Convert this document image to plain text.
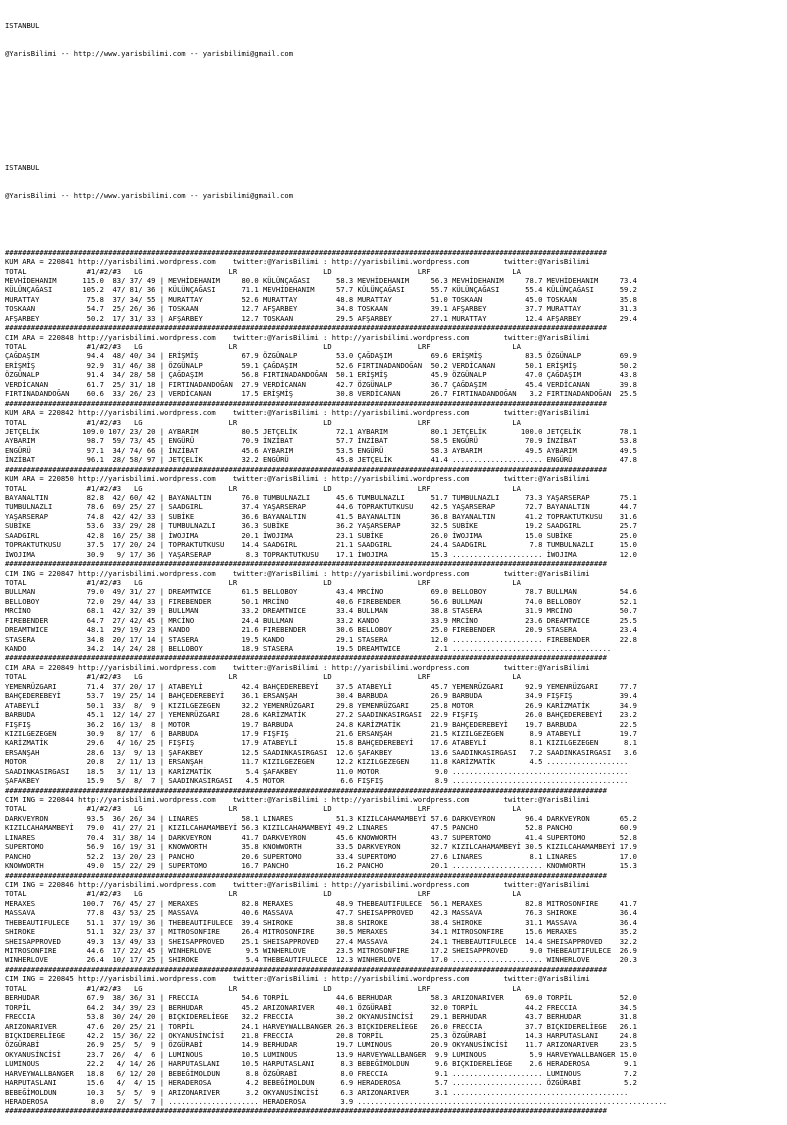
ISTANBUL

@YarisBilimi -- http://www.yarisbilimi.com -- yarisbilimi@gmail.com

ISTANBUL

@YarisBilimi -- http://www.yarisbilimi.com -- yarisbilimi@gmail.com

############################################################################################################################################
KUM ARA = 220841 http://yarisbilimi.wordpress.com    twitter:@YarisBilimi : http://yarisbilimi.wordpress.com        twitter:@YarisBilimi
TOTAL              #1/#2/#3   LG                    LR                    LD                    LRF                   LA
MEVHİDEHANIM      115.0  83/ 37/ 49 | MEVHİDEHANIM     80.0 KÜLÜNÇAĞASI      58.3 MEVHİDEHANIM     56.3 MEVHİDEHANIM     78.7 MEVHİDEHANIM     73.4
KÜLÜNÇAĞASI       105.2  47/ 81/ 36 | KÜLÜNÇAĞASI      71.1 MEVHİDEHANIM     57.7 KÜLÜNÇAĞASI      55.7 KÜLÜNÇAĞASI      55.4 KÜLÜNÇAĞASI      59.2
MURATTAY           75.8  37/ 34/ 55 | MURATTAY         52.6 MURATTAY         48.8 MURATTAY         51.0 TOSKAAN          45.0 TOSKAAN          35.8
TOSKAAN            54.7  25/ 26/ 36 | TOSKAAN          12.7 AFŞARBEY         34.8 TOSKAAN          39.1 AFŞARBEY         37.7 MURATTAY         31.3
AFŞARBEY           50.2  17/ 31/ 33 | AFŞARBEY         12.7 TOSKAAN          29.5 AFŞARBEY         27.1 MURATTAY         12.4 AFŞARBEY         29.4
############################################################################################################################################
CIM ARA = 220848 http://yarisbilimi.wordpress.com    twitter:@YarisBilimi : http://yarisbilimi.wordpress.com        twitter:@YarisBilimi
TOTAL              #1/#2/#3   LG                    LR                    LD                    LRF                   LA
ÇAĞDAŞIM           94.4  48/ 40/ 34 | ERİŞMİŞ          67.9 ÖZGÜNALP         53.0 ÇAĞDAŞIM         69.6 ERİŞMİŞ          83.5 ÖZGÜNALP         69.9
ERİŞMİŞ            92.9  31/ 46/ 38 | ÖZGÜNALP         59.1 ÇAĞDAŞIM         52.6 FIRTINADANDOĞAN  50.2 VERDİCANAN       50.1 ERİŞMİŞ          50.2
ÖZGÜNALP           91.4  34/ 28/ 58 | ÇAĞDAŞIM         56.8 FIRTINADANDOĞAN  50.1 ERİŞMİŞ          45.9 ÖZGÜNALP         47.0 ÇAĞDAŞIM         43.8
VERDİCANAN         61.7  25/ 31/ 18 | FIRTINADANDOĞAN  27.9 VERDİCANAN       42.7 ÖZGÜNALP         36.7 ÇAĞDAŞIM         45.4 VERDİCANAN       39.8
FIRTINADANDOĞAN    60.6  33/ 26/ 23 | VERDİCANAN       17.5 ERİŞMİŞ          30.8 VERDİCANAN       26.7 FIRTINADANDOĞAN   3.2 FIRTINADANDOĞAN  25.5
############################################################################################################################################
KUM ARA = 220842 http://yarisbilimi.wordpress.com    twitter:@YarisBilimi : http://yarisbilimi.wordpress.com        twitter:@YarisBilimi
TOTAL              #1/#2/#3   LG                    LR                    LD                    LRF                   LA
JETÇELİK          109.0 107/ 23/ 20 | AYBARIM          80.5 JETÇELİK         72.1 AYBARIM          80.1 JETÇELİK        100.0 JETÇELİK         78.1
AYBARIM            98.7  59/ 73/ 45 | ENGÜRÜ           70.9 İNZİBAT          57.7 İNZİBAT          58.5 ENGÜRÜ           70.9 İNZİBAT          53.8
ENGÜRÜ             97.1  34/ 74/ 66 | İNZİBAT          45.6 AYBARIM          53.5 ENGÜRÜ           58.3 AYBARIM          49.5 AYBARIM          49.5
İNZİBAT            96.1  28/ 58/ 97 | JETÇELİK         32.2 ENGÜRÜ           45.8 JETÇELİK         41.4 ..................... ENGÜRÜ           47.8
############################################################################################################################################
KUM ARA = 220850 http://yarisbilimi.wordpress.com    twitter:@YarisBilimi : http://yarisbilimi.wordpress.com        twitter:@YarisBilimi
TOTAL              #1/#2/#3   LG                    LR                    LD                    LRF                   LA
BAYANALTIN         82.8  42/ 60/ 42 | BAYANALTIN       76.0 TUMBULNAZLI      45.6 TUMBULNAZLI      51.7 TUMBULNAZLI      73.3 YAŞARSERAP       75.1
TUMBULNAZLI        78.6  69/ 25/ 27 | SAADGIRL         37.4 YAŞARSERAP       44.6 TOPRAKTUTKUSU    42.5 YAŞARSERAP       72.7 BAYANALTIN       44.7
YAŞARSERAP         74.8  42/ 42/ 33 | SUBİKE           36.6 BAYANALTIN       41.5 BAYANALTIN       36.8 BAYANALTIN       41.2 TOPRAKTUTKUSU    31.6
SUBİKE             53.6  33/ 29/ 28 | TUMBULNAZLI      36.3 SUBİKE           36.2 YAŞARSERAP       32.5 SUBİKE           19.2 SAADGIRL         25.7
SAADGIRL           42.8  16/ 25/ 38 | İWOJIMA          20.1 İWOJIMA          23.1 SUBİKE           26.0 İWOJIMA          15.0 SUBİKE           25.0
TOPRAKTUTKUSU      37.5  17/ 20/ 24 | TOPRAKTUTKUSU    14.4 SAADGIRL         21.1 SAADGIRL         24.4 SAADGIRL          7.8 TUMBULNAZLI      15.0
İWOJIMA            30.9   9/ 17/ 36 | YAŞARSERAP        8.3 TOPRAKTUTKUSU    17.1 İWOJIMA          15.3 ..................... İWOJIMA          12.0
############################################################################################################################################
CIM ING = 220847 http://yarisbilimi.wordpress.com    twitter:@YarisBilimi : http://yarisbilimi.wordpress.com        twitter:@YarisBilimi
TOTAL              #1/#2/#3   LG                    LR                    LD                    LRF                   LA
BULLMAN            79.0  49/ 31/ 27 | DREAMTWICE       61.5 BELLOBOY         43.4 MRCİNO           69.0 BELLOBOY         78.7 BULLMAN          54.6
BELLOBOY           72.0  29/ 44/ 33 | FIREBENDER       50.1 MRCİNO           40.6 FIREBENDER       56.6 BULLMAN          74.0 BELLOBOY         52.1
MRCİNO             68.1  42/ 32/ 39 | BULLMAN          33.2 DREAMTWICE       33.4 BULLMAN          38.8 STASERA          31.9 MRCİNO           50.7
FIREBENDER         64.7  27/ 42/ 45 | MRCİNO           24.4 BULLMAN          33.2 KANDO            33.9 MRCİNO           23.6 DREAMTWICE       25.5
DREAMTWICE         48.1  29/ 19/ 23 | KANDO            21.6 FIREBENDER       30.6 BELLOBOY         25.0 FIREBENDER       20.9 STASERA          23.4
STASERA            34.8  20/ 17/ 14 | STASERA          19.5 KANDO            29.1 STASERA          12.0 ..................... FIREBENDER       22.8
KANDO              34.2  14/ 24/ 28 | BELLOBOY         18.9 STASERA          19.5 DREAMTWICE        2.1 .....................................
############################################################################################################################################
CIM ARA = 220849 http://yarisbilimi.wordpress.com    twitter:@YarisBilimi : http://yarisbilimi.wordpress.com        twitter:@YarisBilimi
TOTAL              #1/#2/#3   LG                    LR                    LD                    LRF                   LA
YEMENRÜZGARI       71.4  37/ 20/ 17 | ATABEYLİ         42.4 BAHÇEDEREBEYİ    37.5 ATABEYLİ         45.7 YEMENRÜZGARI     92.9 YEMENRÜZGARI     77.7
BAHÇEDEREBEYİ      53.7  19/ 25/ 14 | BAHÇEDEREBEYİ    36.1 ERSANŞAH         30.4 BARBUDA          26.9 BARBUDA          34.9 FIŞFIŞ           39.4
ATABEYLİ           50.1  33/  8/  9 | KIZILGEZEGEN     32.2 YEMENRÜZGARI     29.8 YEMENRÜZGARI     25.8 MOTOR            26.9 KARİZMATİK       34.9
BARBUDA            45.1  12/ 14/ 27 | YEMENRÜZGARI     28.6 KARİZMATİK       27.2 SAADINKASIRGASI  22.9 FIŞFIŞ           26.0 BAHÇEDEREBEYİ    23.2
FIŞFIŞ             36.2  16/ 13/  8 | MOTOR            19.7 BARBUDA          24.8 KARİZMATİK       21.9 BAHÇEDEREBEYİ    19.7 BARBUDA          22.5
KIZILGEZEGEN       30.9   8/ 17/  6 | BARBUDA          17.9 FIŞFIŞ           21.6 ERSANŞAH         21.5 KIZILGEZEGEN      8.9 ATABEYLİ         19.7
KARİZMATİK         29.6   4/ 16/ 25 | FIŞFIŞ           17.9 ATABEYLİ         15.8 BAHÇEDEREBEYİ    17.6 ATABEYLİ          8.1 KIZILGEZEGEN      8.1
ERSANŞAH           28.6  13/  9/ 13 | ŞAFAKBEY         12.5 SAADINKASIRGASI  12.6 ŞAFAKBEY         13.6 SAADINKASIRGASI   7.2 SAADINKASIRGASI   3.6
MOTOR              20.8   2/ 11/ 13 | ERSANŞAH         11.7 KIZILGEZEGEN     12.2 KIZILGEZEGEN     11.8 KARİZMATİK        4.5 ...................
SAADINKASIRGASI    18.5   3/ 11/ 13 | KARİZMATİK        5.4 ŞAFAKBEY         11.0 MOTOR             9.0 .........................................
ŞAFAKBEY           15.9   5/  8/  7 | SAADINKASIRGASI   4.5 MOTOR             6.6 FIŞFIŞ            8.9 .........................................
############################################################################################################################################
CIM ING = 220844 http://yarisbilimi.wordpress.com    twitter:@YarisBilimi : http://yarisbilimi.wordpress.com        twitter:@YarisBilimi
TOTAL              #1/#2/#3   LG                    LR                    LD                    LRF                   LA
DARKVEYRON         93.5  36/ 26/ 34 | LINARES          58.1 LINARES          51.3 KIZILCAHAMAMBEYİ 57.6 DARKVEYRON       96.4 DARKVEYRON       65.2
KIZILCAHAMAMBEYİ   79.0  41/ 27/ 21 | KIZILCAHAMAMBEYİ 56.3 KIZILCAHAMAMBEYİ 49.2 LINARES          47.5 PANCHO           52.8 PANCHO           60.9
LINARES            70.4  31/ 38/ 14 | DARKVEYRON       41.7 DARKVEYRON       45.6 KNOWWORTH        43.7 SUPERTOMO        41.4 SUPERTOMO        52.8
SUPERTOMO          56.9  16/ 19/ 31 | KNOWWORTH        35.8 KNOWWORTH        33.5 DARKVEYRON       32.7 KIZILCAHAMAMBEYİ 30.5 KIZILCAHAMAMBEYİ 17.9
PANCHO             52.2  13/ 20/ 23 | PANCHO           20.6 SUPERTOMO        33.4 SUPERTOMO        27.6 LINARES           8.1 LINARES          17.0
KNOWWORTH          49.0  15/ 22/ 29 | SUPERTOMO        16.7 PANCHO           16.2 PANCHO           20.1 ..................... KNOWWORTH        15.3
############################################################################################################################################
CIM ING = 220846 http://yarisbilimi.wordpress.com    twitter:@YarisBilimi : http://yarisbilimi.wordpress.com        twitter:@YarisBilimi
TOTAL              #1/#2/#3   LG                    LR                    LD                    LRF                   LA
MERAXES           100.7  76/ 45/ 27 | MERAXES          82.8 MERAXES          48.9 THEBEAUTIFULECE  56.1 MERAXES          82.8 MITROSONFIRE     41.7
MASSAVA            77.8  43/ 53/ 25 | MASSAVA          40.6 MASSAVA          47.7 SHEISAPPROVED    42.3 MASSAVA          76.3 SHIROKE          36.4
THEBEAUTIFULECE    51.1  37/ 19/ 36 | THEBEAUTIFULECE  39.4 SHIROKE          38.8 SHIROKE          38.4 SHIROKE          31.1 MASSAVA          36.4
SHIROKE            51.1  32/ 23/ 37 | MITROSONFIRE     26.4 MITROSONFIRE     30.5 MERAXES          34.1 MITROSONFIRE     15.6 MERAXES          35.2
SHEISAPPROVED      49.3  13/ 49/ 33 | SHEISAPPROVED    25.1 SHEISAPPROVED    27.4 MASSAVA          24.1 THEBEAUTIFULECE  14.4 SHEISAPPROVED    32.2
MITROSONFIRE       44.6  17/ 22/ 45 | WINHERLOVE        9.5 WINHERLOVE       23.5 MITROSONFIRE     17.2 SHEISAPPROVED     9.0 THEBEAUTIFULECE  26.9
WINHERLOVE         26.4  10/ 17/ 25 | SHIROKE           5.4 THEBEAUTIFULECE  12.3 WINHERLOVE       17.0 ..................... WINHERLOVE       20.3
############################################################################################################################################
CIM ING = 220845 http://yarisbilimi.wordpress.com    twitter:@YarisBilimi : http://yarisbilimi.wordpress.com        twitter:@YarisBilimi
TOTAL              #1/#2/#3   LG                    LR                    LD                    LRF                   LA
BERHUDAR           67.9  38/ 36/ 31 | FRECCIA          54.6 TORPİL           44.6 BERHUDAR         58.3 ARIZONARIVER     69.0 TORPİL           52.0
TORPİL             64.2  34/ 39/ 23 | BERHUDAR         45.2 ARIZONARIVER     40.1 ÖZGÜRABİ         32.0 TORPİL           44.2 FRECCIA          34.5
FRECCIA            53.8  30/ 24/ 20 | BIÇKIDERELİEGE   32.2 FRECCIA          30.2 OKYANUSİNCİSİ    29.1 BERHUDAR         43.7 BERHUDAR         31.8
ARIZONARIVER       47.6  20/ 25/ 21 | TORPİL           24.1 HARVEYWALLBANGER 26.3 BIÇKIDERELİEGE   26.0 FRECCIA          37.7 BIÇKIDERELİEGE   26.1
BIÇKIDERELİEGE     42.2  15/ 36/ 22 | OKYANUSİNCİSİ    21.8 FRECCIA          20.8 TORPİL           25.3 ÖZGÜRABİ         14.3 HARPUTASLANI     24.8
ÖZGÜRABİ           26.9  25/  5/  9 | ÖZGÜRABİ         14.9 BERHUDAR         19.7 LUMINOUS         20.9 OKYANUSİNCİSİ    11.7 ARIZONARIVER     23.5
OKYANUSİNCİSİ      23.7  26/  4/  6 | LUMINOUS         10.5 LUMINOUS         13.9 HARVEYWALLBANGER  9.9 LUMINOUS          5.9 HARVEYWALLBANGER 15.0
LUMINOUS           22.2   4/ 14/ 26 | HARPUTASLANI     10.5 HARPUTASLANI      8.3 BEBEĞİMOLDUN      9.6 BIÇKIDERELİEGE    2.6 HERADEROSA        9.1
HARVEYWALLBANGER   18.8   6/ 12/ 20 | BEBEĞİMOLDUN      8.8 ÖZGÜRABİ          8.0 FRECCIA           9.1 ..................... LUMINOUS          7.2
HARPUTASLANI       15.6   4/  4/ 15 | HERADEROSA        4.2 BEBEĞİMOLDUN      6.9 HERADEROSA        5.7 ..................... ÖZGÜRABİ          5.2
BEBEĞİMOLDUN       10.3   5/  5/  9 | ARIZONARIVER      3.2 OKYANUSİNCİSİ     6.3 ARIZONARIVER      3.1 .........................................
HERADEROSA          8.0   2/  5/  7 | ..................... HERADEROSA        3.9 ........................................................................
############################################################################################################################################
